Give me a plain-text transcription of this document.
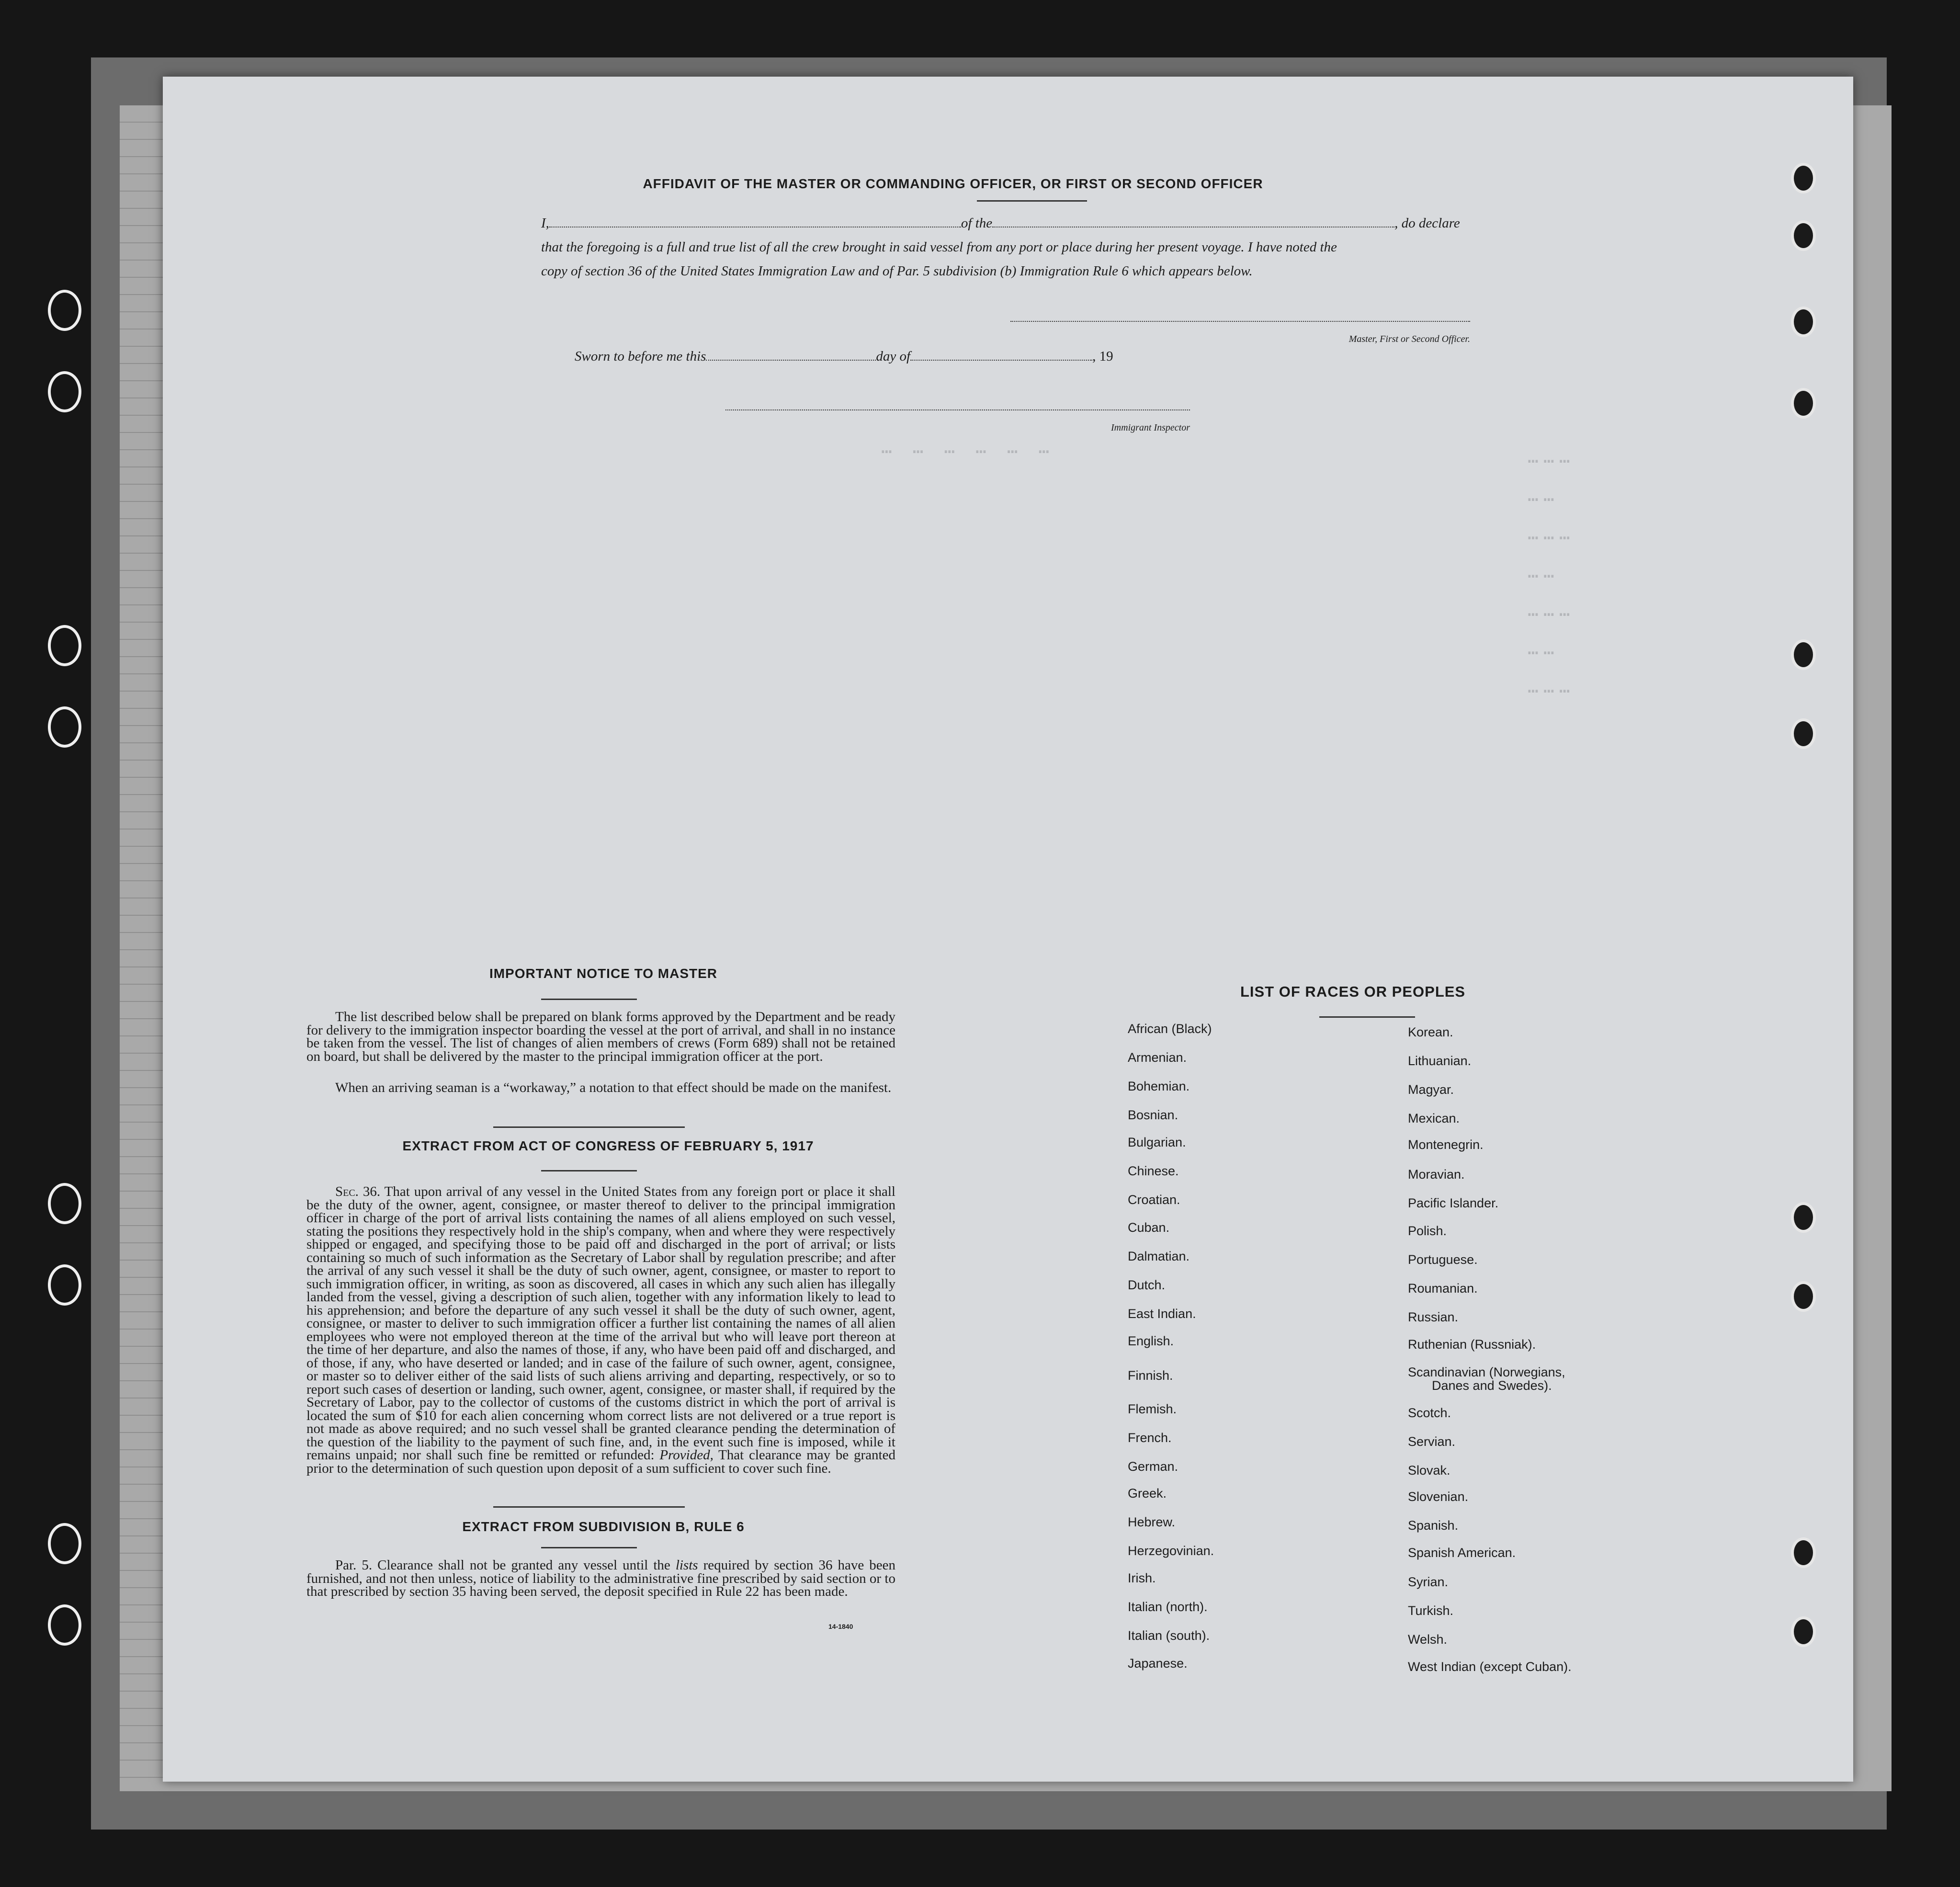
AFFIDAVIT OF THE MASTER OR COMMANDING OFFICER, OR FIRST OR SECOND OFFICER
I,	of the	, do declare
that the foregoing is a full and true list of all the crew brought in said vessel from any port or place during her present voyage. I have noted the
copy of section 36 of the United States Immigration Law and of Par. 5 subdivision (b) Immigration Rule 6 which appears below.
Master, First or Second Officer.
Sworn to before me this	day of	, 19
Immigrant Inspector
⋯ ⋯ ⋯ ⋯ ⋯ ⋯	⋯⋯⋯
⋯⋯
⋯⋯⋯
⋯⋯
⋯⋯⋯
⋯⋯
⋯⋯⋯
IMPORTANT NOTICE TO MASTER
The list described below shall be prepared on blank forms approved by the Department and be ready for delivery to the immigration inspector boarding the vessel at the port of arrival, and shall in no instance be taken from the vessel. The list of changes of alien members of crews (Form 689) shall not be retained on board, but shall be delivered by the master to the principal immigration officer at the port.
When an arriving seaman is a “workaway,” a notation to that effect should be made on the manifest.
EXTRACT FROM ACT OF CONGRESS OF FEBRUARY 5, 1917
Sec. 36. That upon arrival of any vessel in the United States from any foreign port or place it shall be the duty of the owner, agent, consignee, or master thereof to deliver to the principal immigration officer in charge of the port of arrival lists containing the names of all aliens employed on such vessel, stating the positions they respectively hold in the ship's company, when and where they were respectively shipped or engaged, and specifying those to be paid off and discharged in the port of arrival; or lists containing so much of such information as the Secretary of Labor shall by regulation prescribe; and after the arrival of any such vessel it shall be the duty of such owner, agent, consignee, or master to report to such immigration officer, in writing, as soon as discovered, all cases in which any such alien has illegally landed from the vessel, giving a description of such alien, together with any information likely to lead to his apprehension; and before the departure of any such vessel it shall be the duty of such owner, agent, consignee, or master to deliver to such immigration officer a further list containing the names of all alien employees who were not employed thereon at the time of the arrival but who will leave port thereon at the time of her departure, and also the names of those, if any, who have been paid off and discharged, and of those, if any, who have deserted or landed; and in case of the failure of such owner, agent, consignee, or master so to deliver either of the said lists of such aliens arriving and departing, respectively, or so to report such cases of desertion or landing, such owner, agent, consignee, or master shall, if required by the Secretary of Labor, pay to the collector of customs of the customs district in which the port of arrival is located the sum of $10 for each alien concerning whom correct lists are not delivered or a true report is not made as above required; and no such vessel shall be granted clearance pending the determination of the question of the liability to the payment of such fine, and, in the event such fine is imposed, while it remains unpaid; nor shall such fine be remitted or refunded: Provided, That clearance may be granted prior to the determination of such question upon deposit of a sum sufficient to cover such fine.
EXTRACT FROM SUBDIVISION B, RULE 6
Par. 5. Clearance shall not be granted any vessel until the lists required by section 36 have been furnished, and not then unless, notice of liability to the administrative fine prescribed by said section or to that prescribed by section 35 having been served, the deposit specified in Rule 22 has been made.
14-1840
LIST OF RACES OR PEOPLES
African (Black)
Armenian.
Bohemian.
Bosnian.
Bulgarian.
Chinese.
Croatian.
Cuban.
Dalmatian.
Dutch.
East Indian.
English.
Finnish.
Flemish.
French.
German.
Greek.
Hebrew.
Herzegovinian.
Irish.
Italian (north).
Italian (south).
Japanese.
Korean.
Lithuanian.
Magyar.
Mexican.
Montenegrin.
Moravian.
Pacific Islander.
Polish.
Portuguese.
Roumanian.
Russian.
Ruthenian (Russniak).
Scandinavian (Norwegians,
Danes and Swedes).
Scotch.
Servian.
Slovak.
Slovenian.
Spanish.
Spanish American.
Syrian.
Turkish.
Welsh.
West Indian (except Cuban).
